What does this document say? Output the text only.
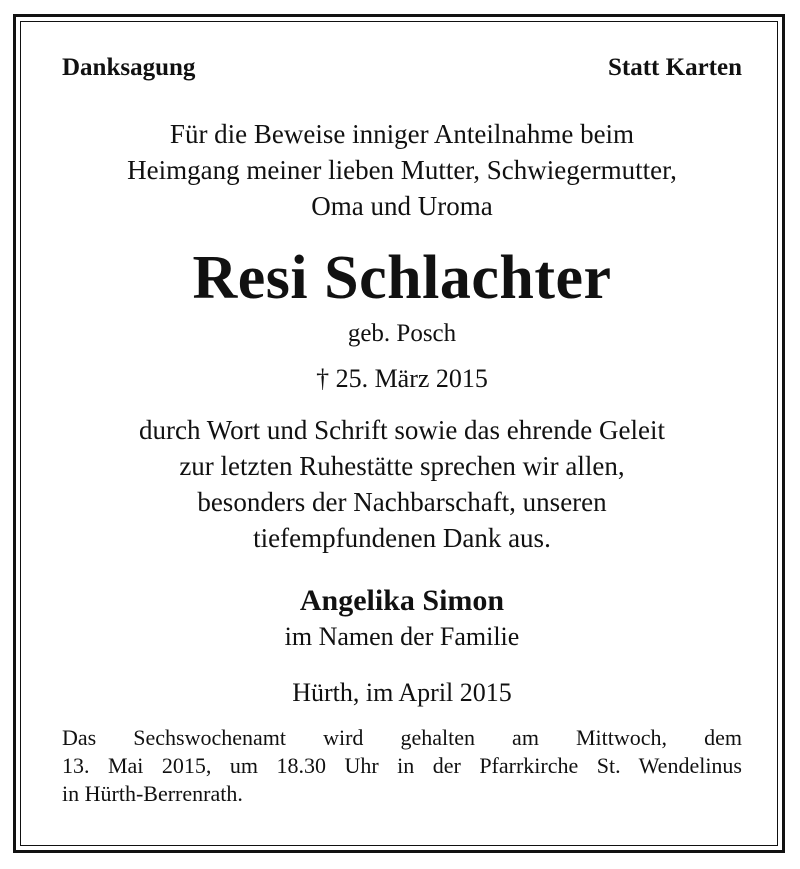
Danksagung	Statt Karten
Für die Beweise inniger Anteilnahme beim
Heimgang meiner lieben Mutter, Schwiegermutter,
Oma und Uroma
Resi Schlachter
geb. Posch
† 25. März 2015
durch Wort und Schrift sowie das ehrende Geleit
zur letzten Ruhestätte sprechen wir allen,
besonders der Nachbarschaft, unseren
tiefempfundenen Dank aus.
Angelika Simon
im Namen der Familie
Hürth, im April 2015
Das Sechswochenamt wird gehalten am Mittwoch, dem
13. Mai 2015, um 18.30 Uhr in der Pfarrkirche St. Wendelinus
in Hürth-Berrenrath.
